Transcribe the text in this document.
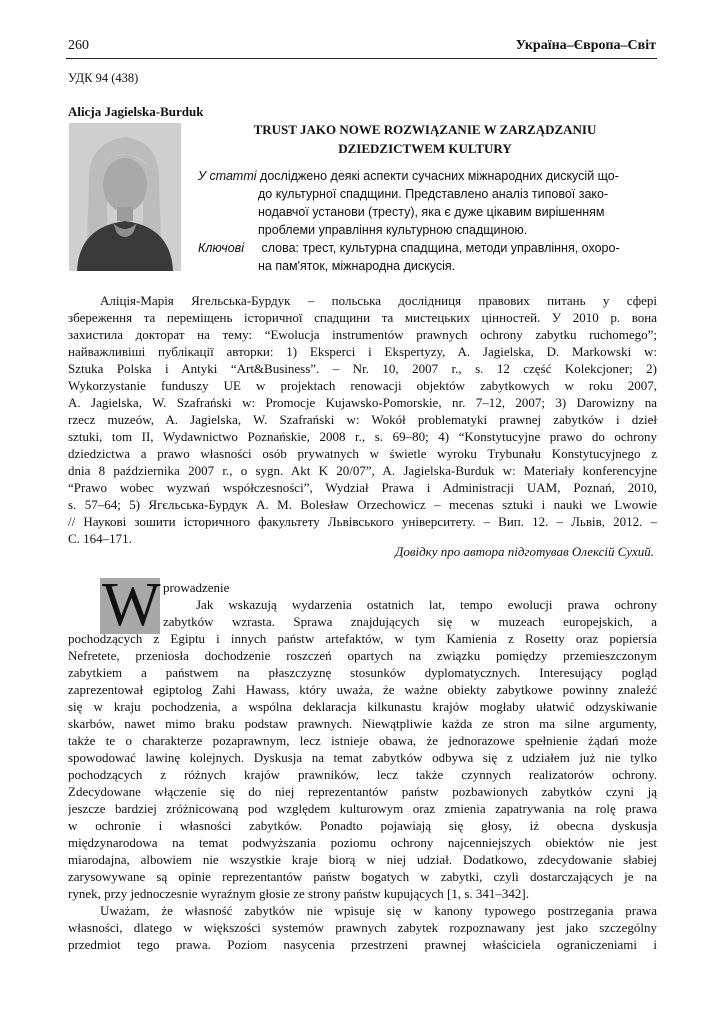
260	Україна–Європа–Світ
УДК 94 (438)
Alicja Jagielska-Burduk
TRUST JAKO NOWE ROZWIĄZANIE W ZARZĄDZANIU
DZIEDZICTWEM KULTURY
У статті досліджено деякі аспекти сучасних міжнародних дискусій що-
до культурної спадщини. Представлено аналіз типової зако-
нодавчої установи (тресту), яка є дуже цікавим вирішенням
проблеми управління культурною спадщиною.
Ключові слова: трест, культурна спадщина, методи управління, охоро-
на пам'яток, міжнародна дискусія.
Аліція-Марія Ягельська-Бурдук – польська дослідниця правових питань у сфері
збереження та переміщень історичної спадщини та мистецьких цінностей. У 2010 р. вона
захистила докторат на тему: “Ewolucja instrumentów prawnych ochrony zabytku ruchomego”;
найважливіші публікації авторки: 1) Eksperci i Ekspertyzy, A. Jagielska, D. Markowski w:
Sztuka Polska i Antyki “Art&Business”. – Nr. 10, 2007 r., s. 12 część Kolekcjoner; 2)
Wykorzystanie funduszy UE w projektach renowacji objektów zabytkowych w roku 2007,
A. Jagielska, W. Szafrański w: Promocje Kujawsko-Pomorskie, nr. 7–12, 2007; 3) Darowizny na
rzecz muzeów, A. Jagielska, W. Szafrański w: Wokół problematyki prawnej zabytków i dzieł
sztuki, tom II, Wydawnictwo Poznańskie, 2008 r., s. 69–80; 4) “Konstytucyjne prawo do ochrony
dziedzictwa a prawo własności osób prywatnych w świetle wyroku Trybunału Konstytucyjnego z
dnia 8 października 2007 r., o sygn. Akt K 20/07”, A. Jagielska-Burduk w: Materiały konferencyjne
“Prawo wobec wyzwań współczesności”, Wydział Prawa i Administracji UAM, Poznań, 2010,
s. 57–64; 5) Ягєльська-Бурдук А. М. Bolesław Orzechowicz – mecenas sztuki i nauki we Lwowie
// Наукові зошити історичного факультету Львівського університету. – Вип. 12. – Львів, 2012. –
С. 164–171.
Довідку про автора підготував Олексій Сухий.
W prowadzenie
Jak wskazują wydarzenia ostatnich lat, tempo ewolucji prawa ochrony
zabytków wzrasta. Sprawa znajdujących się w muzeach europejskich, a
pochodzących z Egiptu i innych państw artefaktów, w tym Kamienia z Rosetty oraz popiersia
Nefretete, przeniosła dochodzenie roszczeń opartych na związku pomiędzy przemieszczonym
zabytkiem a państwem na płaszczyznę stosunków dyplomatycznych. Interesujący pogląd
zaprezentował egiptolog Zahi Hawass, który uważa, że ważne obiekty zabytkowe powinny znaleźć
się w kraju pochodzenia, a wspólna deklaracja kilkunastu krajów mogłaby ułatwić odzyskiwanie
skarbów, nawet mimo braku podstaw prawnych. Niewątpliwie każda ze stron ma silne argumenty,
także te o charakterze pozaprawnym, lecz istnieje obawa, że jednorazowe spełnienie żądań może
spowodować lawinę kolejnych. Dyskusja na temat zabytków odbywa się z udziałem już nie tylko
pochodzących z różnych krajów prawników, lecz także czynnych realizatorów ochrony.
Zdecydowane włączenie się do niej reprezentantów państw pozbawionych zabytków czyni ją
jeszcze bardziej zróżnicowaną pod względem kulturowym oraz zmienia zapatrywania na rolę prawa
w ochronie i własności zabytków. Ponadto pojawiają się głosy, iż obecna dyskusja
międzynarodowa na temat podwyższania poziomu ochrony najcenniejszych obiektów nie jest
miarodajna, albowiem nie wszystkie kraje biorą w niej udział. Dodatkowo, zdecydowanie słabiej
zarysowywane są opinie reprezentantów państw bogatych w zabytki, czyli dostarczających je na
rynek, przy jednoczesnie wyraźnym głosie ze strony państw kupujących [1, s. 341–342].
Uważam, że własność zabytków nie wpisuje się w kanony typowego postrzegania prawa
własności, dlatego w większości systemów prawnych zabytek rozpoznawany jest jako szczególny
przedmiot tego prawa. Poziom nasycenia przestrzeni prawnej właściciela ograniczeniami i
